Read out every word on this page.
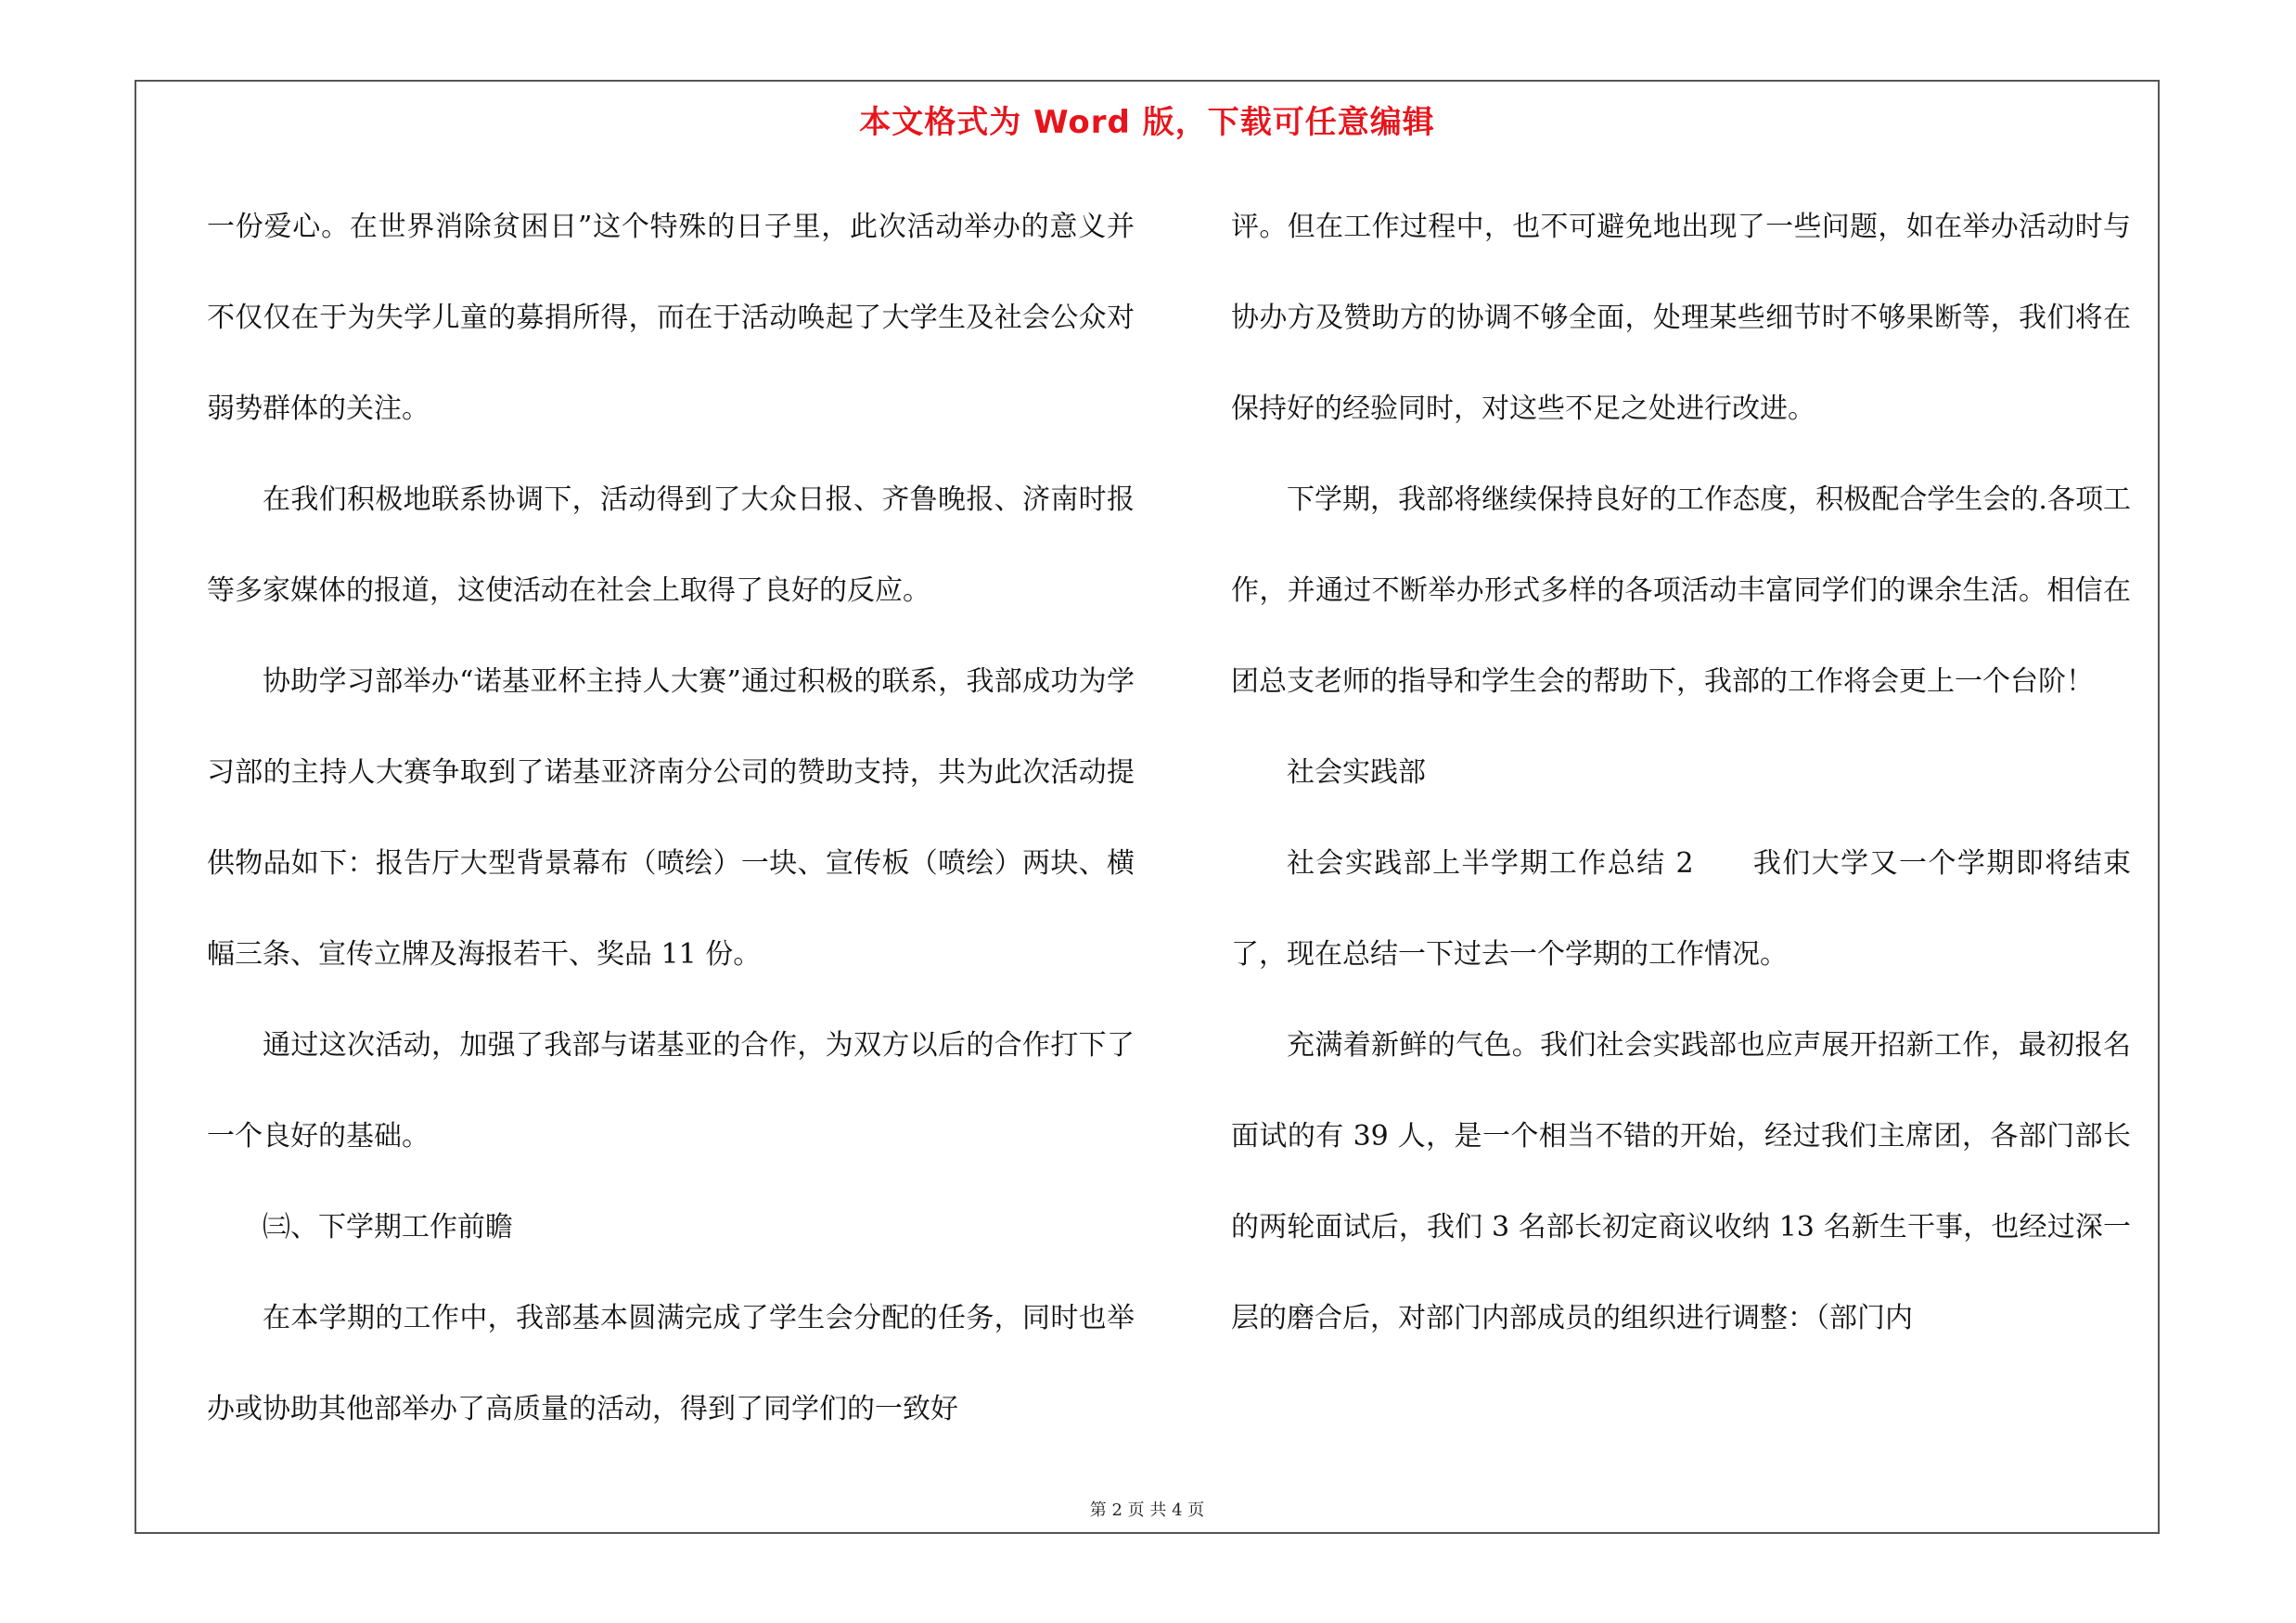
本文格式为 Word 版，下载可任意编辑

一份爱心。在世界消除贫困日”这个特殊的日子里，此次活动举办的意义并不仅仅在于为失学儿童的募捐所得，而在于活动唤起了大学生及社会公众对弱势群体的关注。

在我们积极地联系协调下，活动得到了大众日报、齐鲁晚报、济南时报等多家媒体的报道，这使活动在社会上取得了良好的反应。

协助学习部举办“诺基亚杯主持人大赛”通过积极的联系，我部成功为学习部的主持人大赛争取到了诺基亚济南分公司的赞助支持，共为此次活动提供物品如下：报告厅大型背景幕布（喷绘）一块、宣传板（喷绘）两块、横幅三条、宣传立牌及海报若干、奖品 11 份。

通过这次活动，加强了我部与诺基亚的合作，为双方以后的合作打下了一个良好的基础。

㈢、下学期工作前瞻

在本学期的工作中，我部基本圆满完成了学生会分配的任务，同时也举办或协助其他部举办了高质量的活动，得到了同学们的一致好

评。但在工作过程中，也不可避免地出现了一些问题，如在举办活动时与协办方及赞助方的协调不够全面，处理某些细节时不够果断等，我们将在保持好的经验同时，对这些不足之处进行改进。

下学期，我部将继续保持良好的工作态度，积极配合学生会的.各项工作，并通过不断举办形式多样的各项活动丰富同学们的课余生活。相信在团总支老师的指导和学生会的帮助下，我部的工作将会更上一个台阶！

社会实践部

社会实践部上半学期工作总结 2　　我们大学又一个学期即将结束了，现在总结一下过去一个学期的工作情况。

充满着新鲜的气色。我们社会实践部也应声展开招新工作，最初报名面试的有 39 人，是一个相当不错的开始，经过我们主席团，各部门部长的两轮面试后，我们 3 名部长初定商议收纳 13 名新生干事，也经过深一层的磨合后，对部门内部成员的组织进行调整：（部门内

第 2 页 共 4 页
